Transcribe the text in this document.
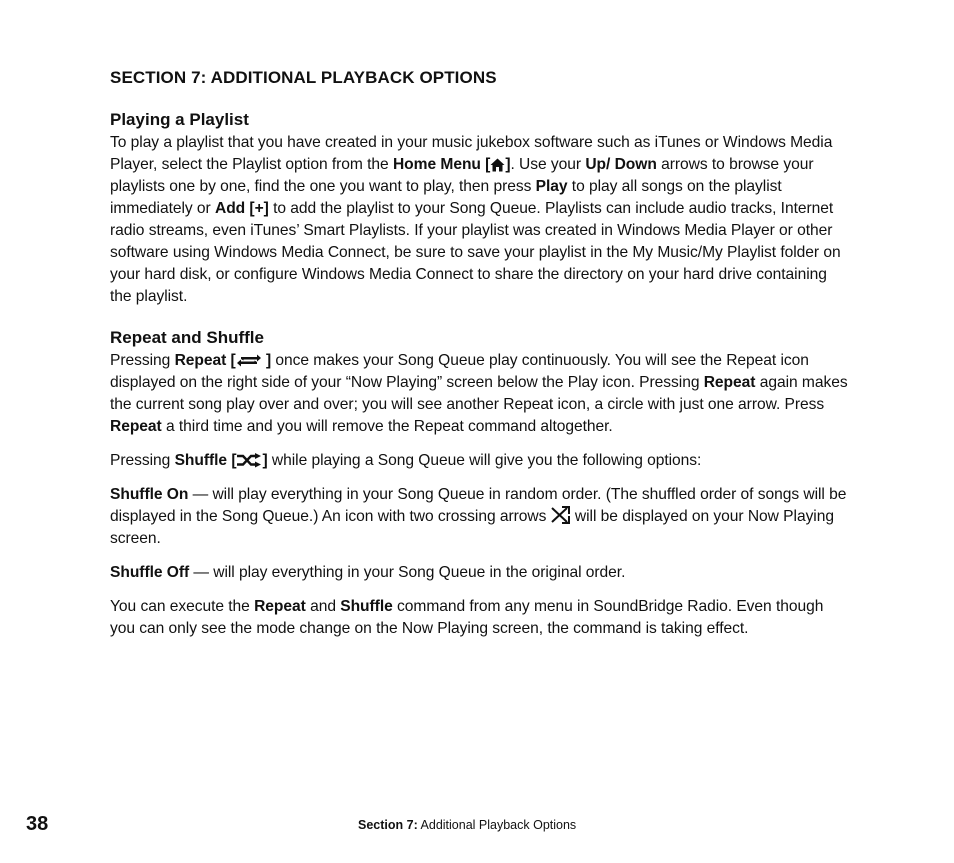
SECTION 7: ADDITIONAL PLAYBACK OPTIONS
Playing a Playlist

To play a playlist that you have created in your music jukebox software such as iTunes or Windows Media Player, select the Playlist option from the Home Menu [ ]. Use your Up/ Down arrows to browse your playlists one by one, find the one you want to play, then press Play to play all songs on the playlist immediately or Add [+] to add the playlist to your Song Queue. Playlists can include audio tracks, Internet radio streams, even iTunes’ Smart Playlists. If your playlist was created in Windows Media Player or other software using Windows Media Connect, be sure to save your playlist in the My Music/My Playlist folder on your hard disk, or configure Windows Media Connect to share the directory on your hard drive containing the playlist.

Repeat and Shuffle

Pressing Repeat [ ] once makes your Song Queue play continuously. You will see the Repeat icon displayed on the right side of your “Now Playing” screen below the Play icon. Pressing Repeat again makes the current song play over and over; you will see another Repeat icon, a circle with just one arrow. Press Repeat a third time and you will remove the Repeat command altogether.

Pressing Shuffle [ ] while playing a Song Queue will give you the following options:

Shuffle On — will play everything in your Song Queue in random order. (The shuffled order of songs will be displayed in the Song Queue.) An icon with two crossing arrows  will be displayed on your Now Playing screen.

Shuffle Off — will play everything in your Song Queue in the original order.

You can execute the Repeat and Shuffle command from any menu in SoundBridge Radio. Even though you can only see the mode change on the Now Playing screen, the command is taking effect.

38	Section 7: Additional Playback Options
